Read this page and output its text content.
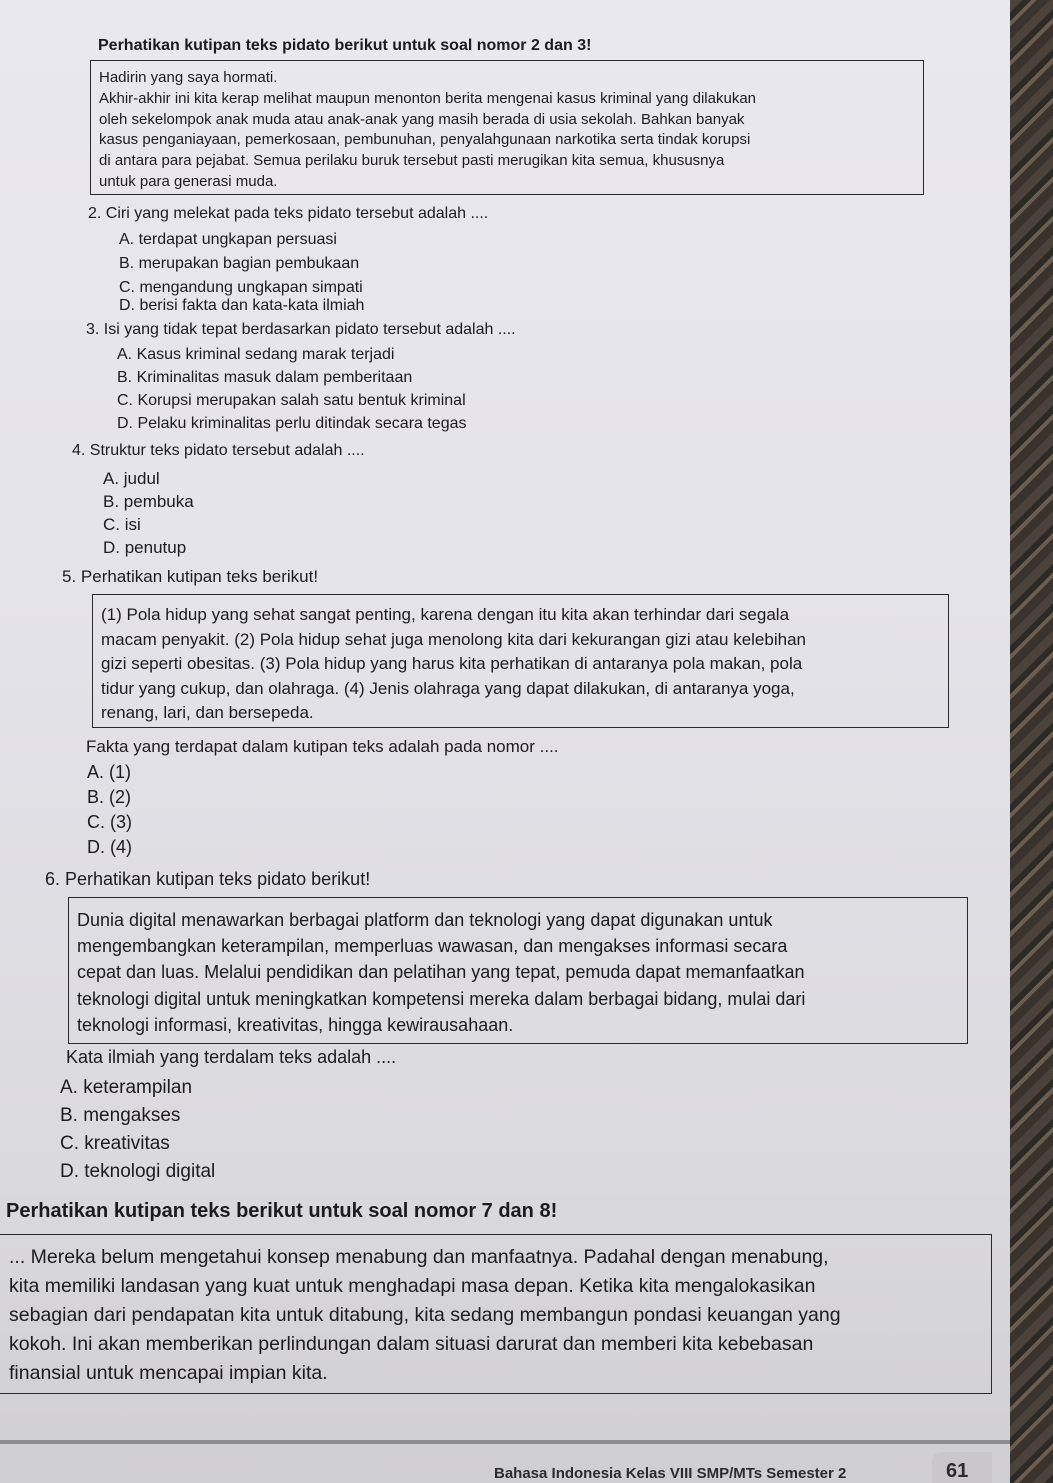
Perhatikan kutipan teks pidato berikut untuk soal nomor 2 dan 3!

Hadirin yang saya hormati.

Akhir-akhir ini kita kerap melihat maupun menonton berita mengenai kasus kriminal yang dilakukan

oleh sekelompok anak muda atau anak-anak yang masih berada di usia sekolah. Bahkan banyak

kasus penganiayaan, pemerkosaan, pembunuhan, penyalahgunaan narkotika serta tindak korupsi

di antara para pejabat. Semua perilaku buruk tersebut pasti merugikan kita semua, khususnya

untuk para generasi muda.

2. Ciri yang melekat pada teks pidato tersebut adalah ....
A. terdapat ungkapan persuasi
B. merupakan bagian pembukaan
C. mengandung ungkapan simpati
D. berisi fakta dan kata-kata ilmiah
3. Isi yang tidak tepat berdasarkan pidato tersebut adalah ....
A. Kasus kriminal sedang marak terjadi
B. Kriminalitas masuk dalam pemberitaan
C. Korupsi merupakan salah satu bentuk kriminal
D. Pelaku kriminalitas perlu ditindak secara tegas
4. Struktur teks pidato tersebut adalah ....
A. judul
B. pembuka
C. isi
D. penutup
5. Perhatikan kutipan teks berikut!

(1) Pola hidup yang sehat sangat penting, karena dengan itu kita akan terhindar dari segala

macam penyakit. (2) Pola hidup sehat juga menolong kita dari kekurangan gizi atau kelebihan

gizi seperti obesitas. (3) Pola hidup yang harus kita perhatikan di antaranya pola makan, pola

tidur yang cukup, dan olahraga. (4) Jenis olahraga yang dapat dilakukan, di antaranya yoga,

renang, lari, dan bersepeda.

Fakta yang terdapat dalam kutipan teks adalah pada nomor ....
A. (1)
B. (2)
C. (3)
D. (4)
6. Perhatikan kutipan teks pidato berikut!

Dunia digital menawarkan berbagai platform dan teknologi yang dapat digunakan untuk

mengembangkan keterampilan, memperluas wawasan, dan mengakses informasi secara

cepat dan luas. Melalui pendidikan dan pelatihan yang tepat, pemuda dapat memanfaatkan

teknologi digital untuk meningkatkan kompetensi mereka dalam berbagai bidang, mulai dari

teknologi informasi, kreativitas, hingga kewirausahaan.

Kata ilmiah yang terdalam teks adalah ....
A. keterampilan
B. mengakses
C. kreativitas
D. teknologi digital
Perhatikan kutipan teks berikut untuk soal nomor 7 dan 8!

... Mereka belum mengetahui konsep menabung dan manfaatnya. Padahal dengan menabung,

kita memiliki landasan yang kuat untuk menghadapi masa depan. Ketika kita mengalokasikan

sebagian dari pendapatan kita untuk ditabung, kita sedang membangun pondasi keuangan yang

kokoh. Ini akan memberikan perlindungan dalam situasi darurat dan memberi kita kebebasan

finansial untuk mencapai impian kita.

Bahasa Indonesia Kelas VIII SMP/MTs Semester 2	61
